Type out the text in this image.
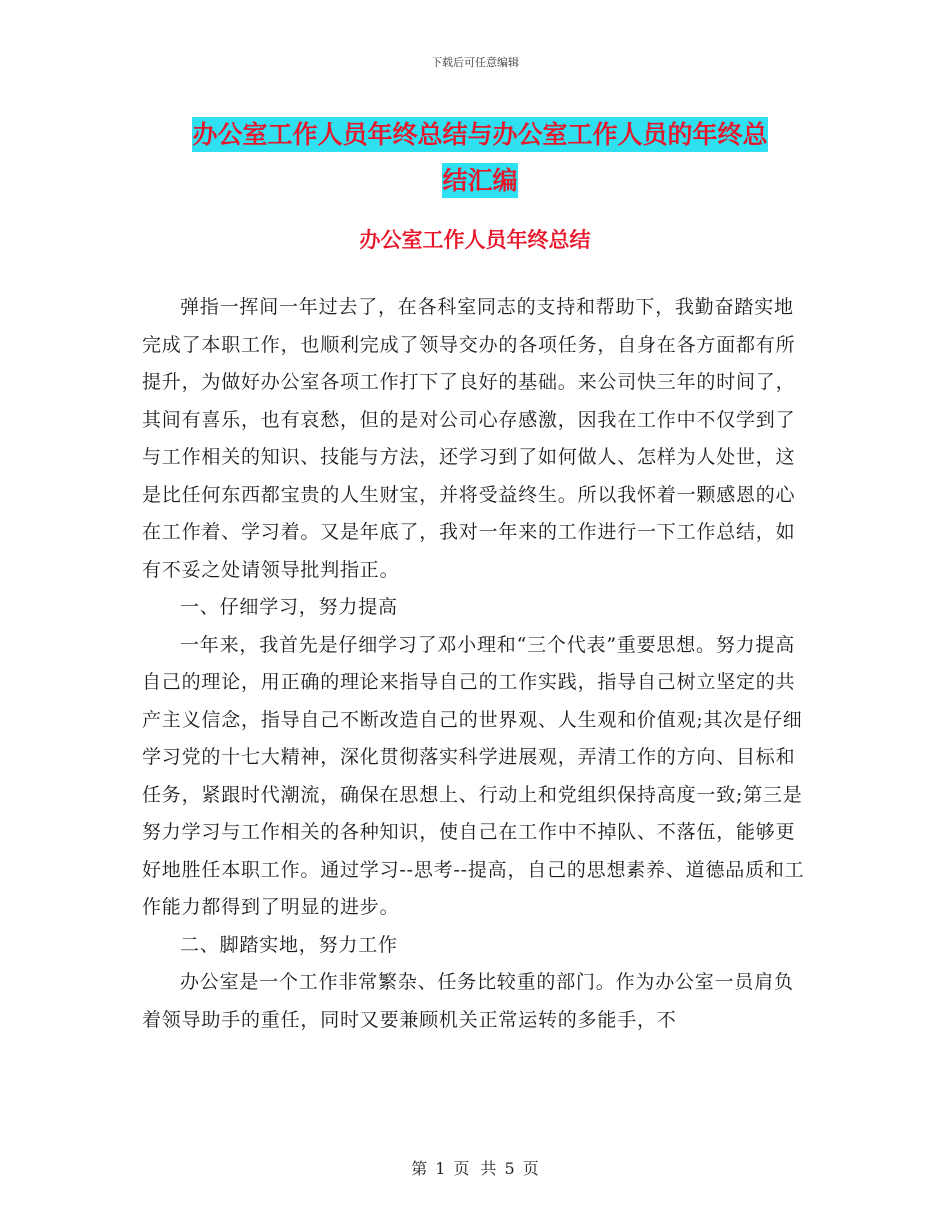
下载后可任意编辑
办公室工作人员年终总结与办公室工作人员的年终总
结汇编
办公室工作人员年终总结

弹指一挥间一年过去了，在各科室同志的支持和帮助下，我勤奋踏实地完成了本职工作，也顺利完成了领导交办的各项任务，自身在各方面都有所提升，为做好办公室各项工作打下了良好的基础。来公司快三年的时间了，其间有喜乐，也有哀愁，但的是对公司心存感激，因我在工作中不仅学到了与工作相关的知识、技能与方法，还学习到了如何做人、怎样为人处世，这是比任何东西都宝贵的人生财宝，并将受益终生。所以我怀着一颗感恩的心在工作着、学习着。又是年底了，我对一年来的工作进行一下工作总结，如有不妥之处请领导批判指正。

一、仔细学习，努力提高

一年来，我首先是仔细学习了邓小理和“三个代表”重要思想。努力提高自己的理论，用正确的理论来指导自己的工作实践，指导自己树立坚定的共产主义信念，指导自己不断改造自己的世界观、人生观和价值观;其次是仔细学习党的十七大精神，深化贯彻落实科学进展观，弄清工作的方向、目标和任务，紧跟时代潮流，确保在思想上、行动上和党组织保持高度一致;第三是努力学习与工作相关的各种知识，使自己在工作中不掉队、不落伍，能够更好地胜任本职工作。通过学习--思考--提高，自己的思想素养、道德品质和工作能力都得到了明显的进步。

二、脚踏实地，努力工作

办公室是一个工作非常繁杂、任务比较重的部门。作为办公室一员肩负着领导助手的重任，同时又要兼顾机关正常运转的多能手，不

第 1 页 共 5 页
